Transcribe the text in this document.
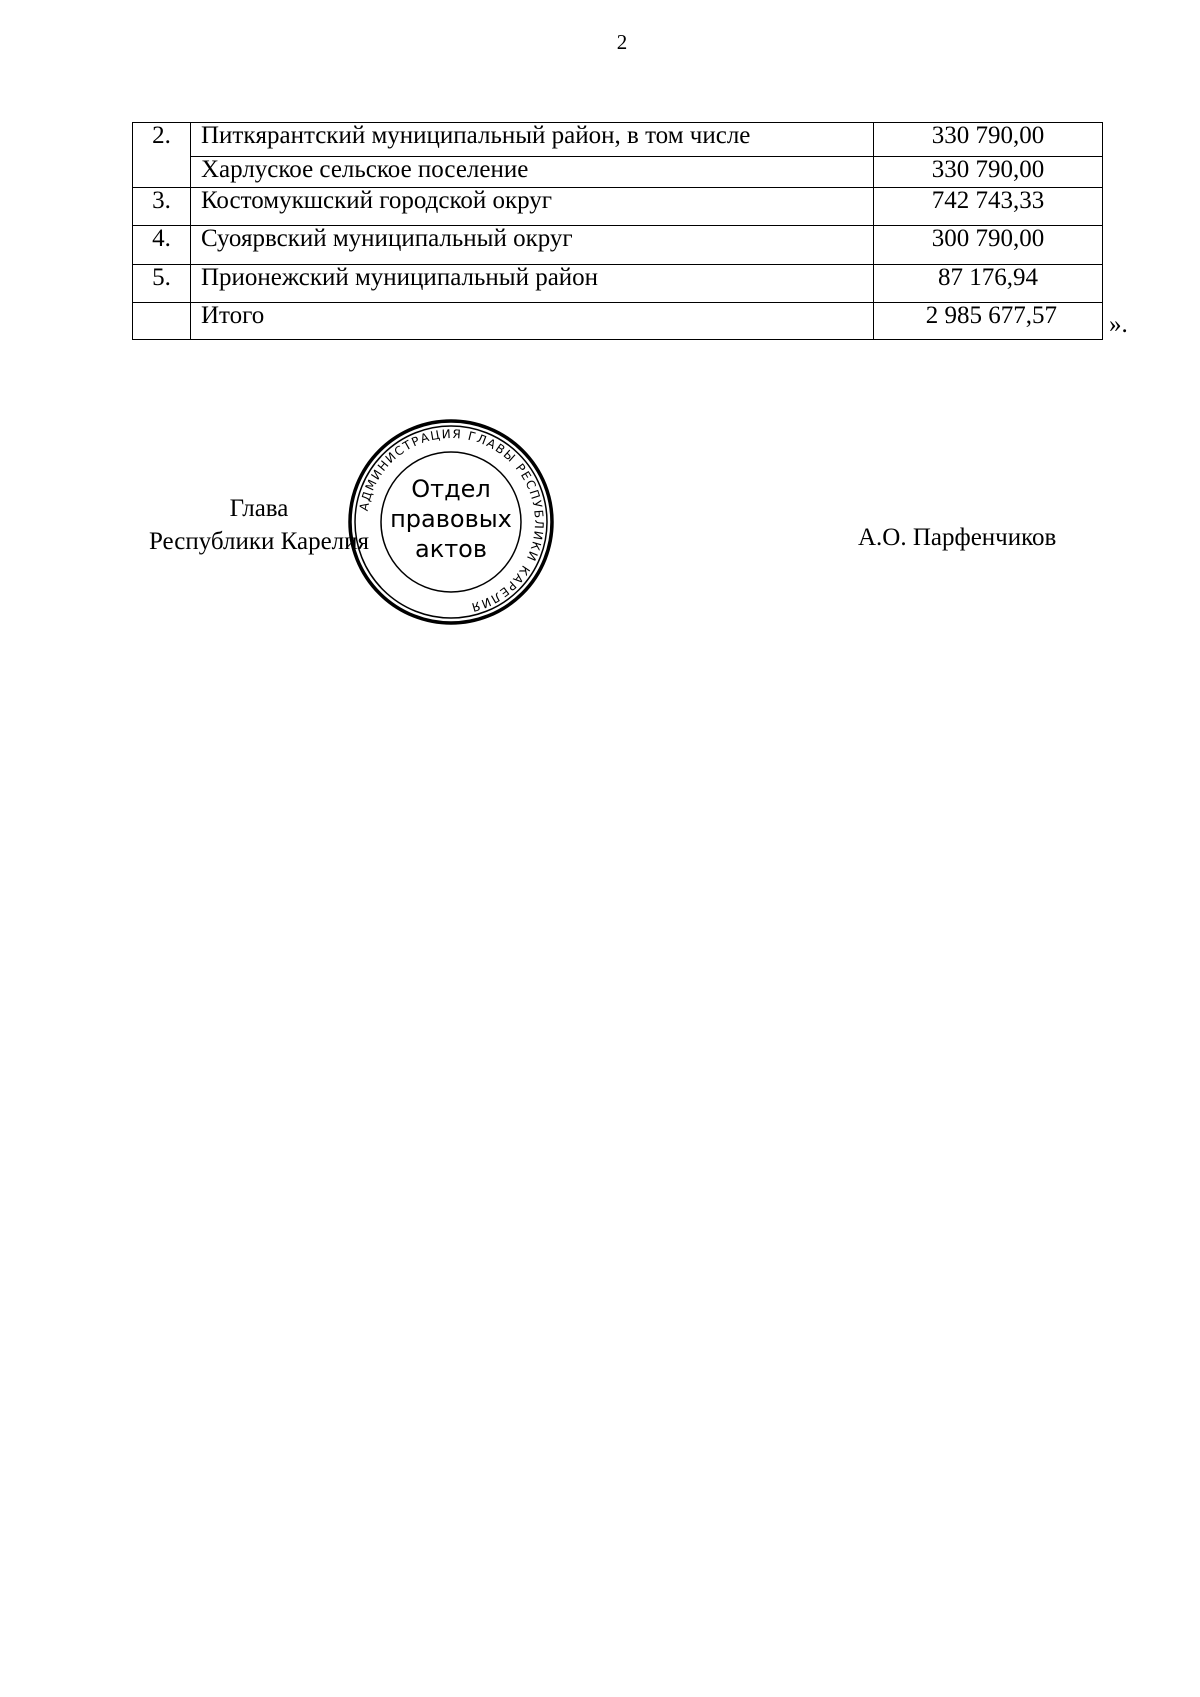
2
2.	Питкярантский муниципальный район, в том числе	330 790,00
	Харлуское сельское поселение	330 790,00
3.	Костомукшский городской округ	742 743,33
4.	Суоярвский муниципальный округ	300 790,00
5.	Прионежский муниципальный район	87 176,94
	Итого	2 985 677,57 ».
Глава
Республики Карелия
АДМИНИСТРАЦИЯ ГЛАВЫ РЕСПУБЛИКИ КАРЕЛИЯ
Отдел
правовых
актов	А.О. Парфенчиков
